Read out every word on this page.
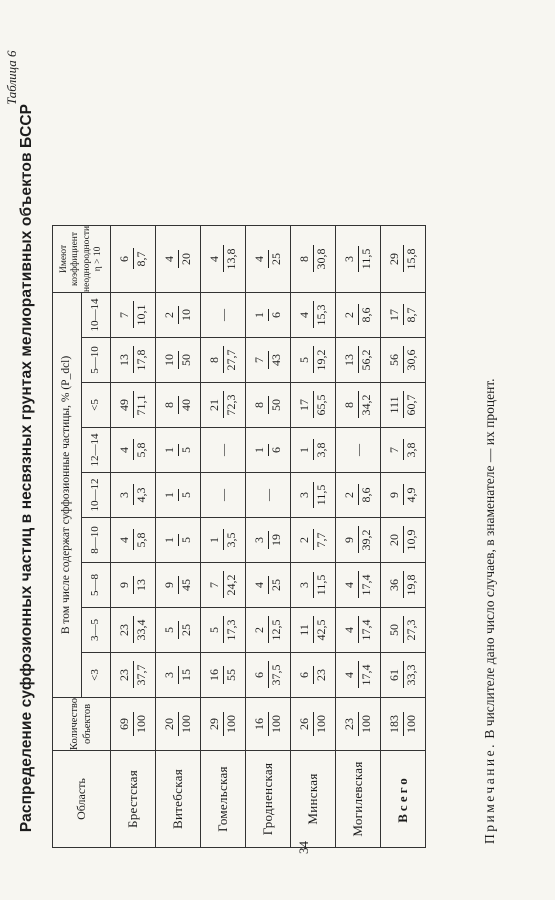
Таблица 6
Распределение суффозионных частиц в несвязных грунтах мелиоративных объектов БССР	Область	Количество объектов	В том числе содержат суффозионные частицы, % (P_dcl)									Имеют коэффициент неоднородности η > 10
		<3	3—5	5—8	8—10	10—12	12—14	<5	5—10	10—14	
Брестская	69 100	23 37,7	23 33,4	9 13	4 5,8	3 4,3	4 5,8	49 71,1	13 17,8	7 10,1	6 8,7

Витебская	20 100	3 15	5 25	9 45	1 5	1 5	1 5	8 40	10 50	2 10	4 20

Гомельская	29 100	16 55	5 17,3	7 24,2	1 3,5	—	—	21 72,3	8 27,7	—	4 13,8

Гродненская	16 100	6 37,5	2 12,5	4 25	3 19	—	1 6	8 50	7 43	1 6	4 25

Минская	26 100	6 23	11 42,5	3 11,5	2 7,7	3 11,5	1 3,8	17 65,5	5 19,2	4 15,3	8 30,8

Могилевская	23 100	4 17,4	4 17,4	4 17,4	9 39,2	2 8,6	—	8 34,2	13 56,2	2 8,6	3 11,5

Всего	183 100	61 33,3	50 27,3	36 19,8	20 10,9	9 4,9	7 3,8	111 60,7	56 30,6	17 8,7	29 15,8
34
Примечание. В числителе дано число случаев, в знаменателе — их процент.
